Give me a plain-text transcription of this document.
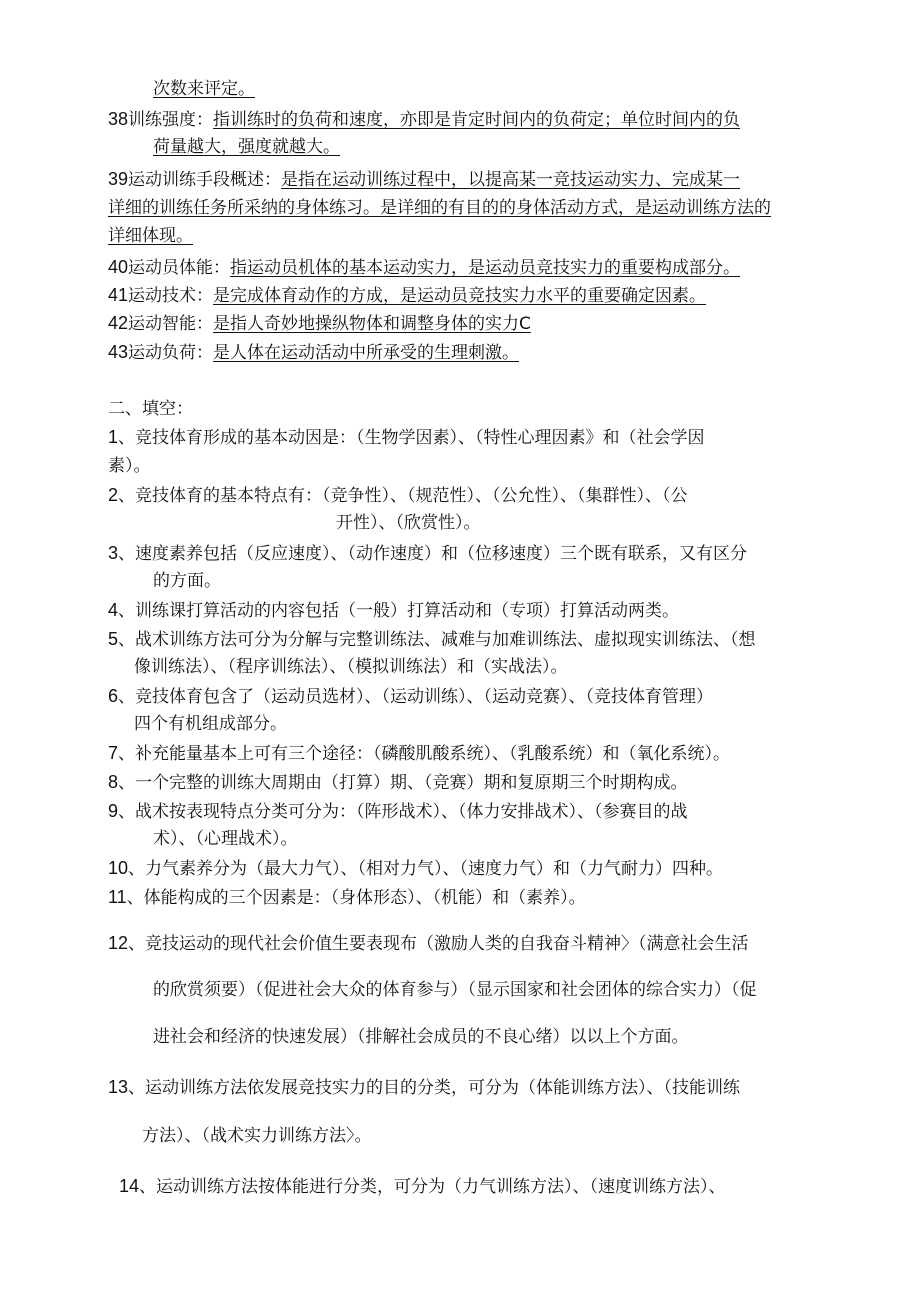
次数来评定。
38训练强度：指训练时的负荷和速度，亦即是肯定时间内的负荷定；单位时间内的负
荷量越大，强度就越大。
39运动训练手段概述：是指在运动训练过程中，以提高某一竞技运动实力、完成某一
详细的训练任务所采纳的身体练习。是详细的有目的的身体活动方式，是运动训练方法的
详细体现。
40运动员体能：指运动员机体的基本运动实力，是运动员竞技实力的重要构成部分。
41运动技术：是完成体育动作的方成，是运动员竞技实力水平的重要确定因素。
42运动智能：是指人奇妙地操纵物体和调整身体的实力C
43运动负荷：是人体在运动活动中所承受的生理刺激。
二、填空：
1、竞技体育形成的基本动因是：（生物学因素）、（特性心理因素》和（社会学因
素）。
2、竞技体育的基本特点有：（竞争性）、（规范性）、（公允性）、（集群性）、（公
开性）、（欣赏性）。
3、速度素养包括（反应速度）、（动作速度）和（位移速度）三个既有联系，又有区分
的方面。
4、训练课打算活动的内容包括（一般）打算活动和（专项）打算活动两类。
5、战术训练方法可分为分解与完整训练法、减难与加难训练法、虚拟现实训练法、（想
像训练法）、（程序训练法）、（模拟训练法）和（实战法）。
6、竞技体育包含了（运动员选材）、（运动训练）、（运动竞赛）、（竞技体育管理）
四个有机组成部分。
7、补充能量基本上可有三个途径：（磷酸肌酸系统）、（乳酸系统）和（氧化系统）。
8、一个完整的训练大周期由（打算）期、（竞赛）期和复原期三个时期构成。
9、战术按表现特点分类可分为：（阵形战术）、（体力安排战术）、（参赛目的战
术）、（心理战术）。
10、力气素养分为（最大力气）、（相对力气）、（速度力气）和（力气耐力）四种。
11、体能构成的三个因素是：（身体形态）、（机能）和（素养）。
12、竞技运动的现代社会价值生要表现布（激励人类的自我奋斗精神〉（满意社会生活
的欣赏须要）（促进社会大众的体育参与）（显示国家和社会团体的综合实力）（促
进社会和经济的快速发展）（排解社会成员的不良心绪）以以上个方面。
13、运动训练方法依发展竞技实力的目的分类，可分为（体能训练方法）、（技能训练
方法）、（战术实力训练方法〉。
14、运动训练方法按体能进行分类，可分为（力气训练方法）、（速度训练方法）、
